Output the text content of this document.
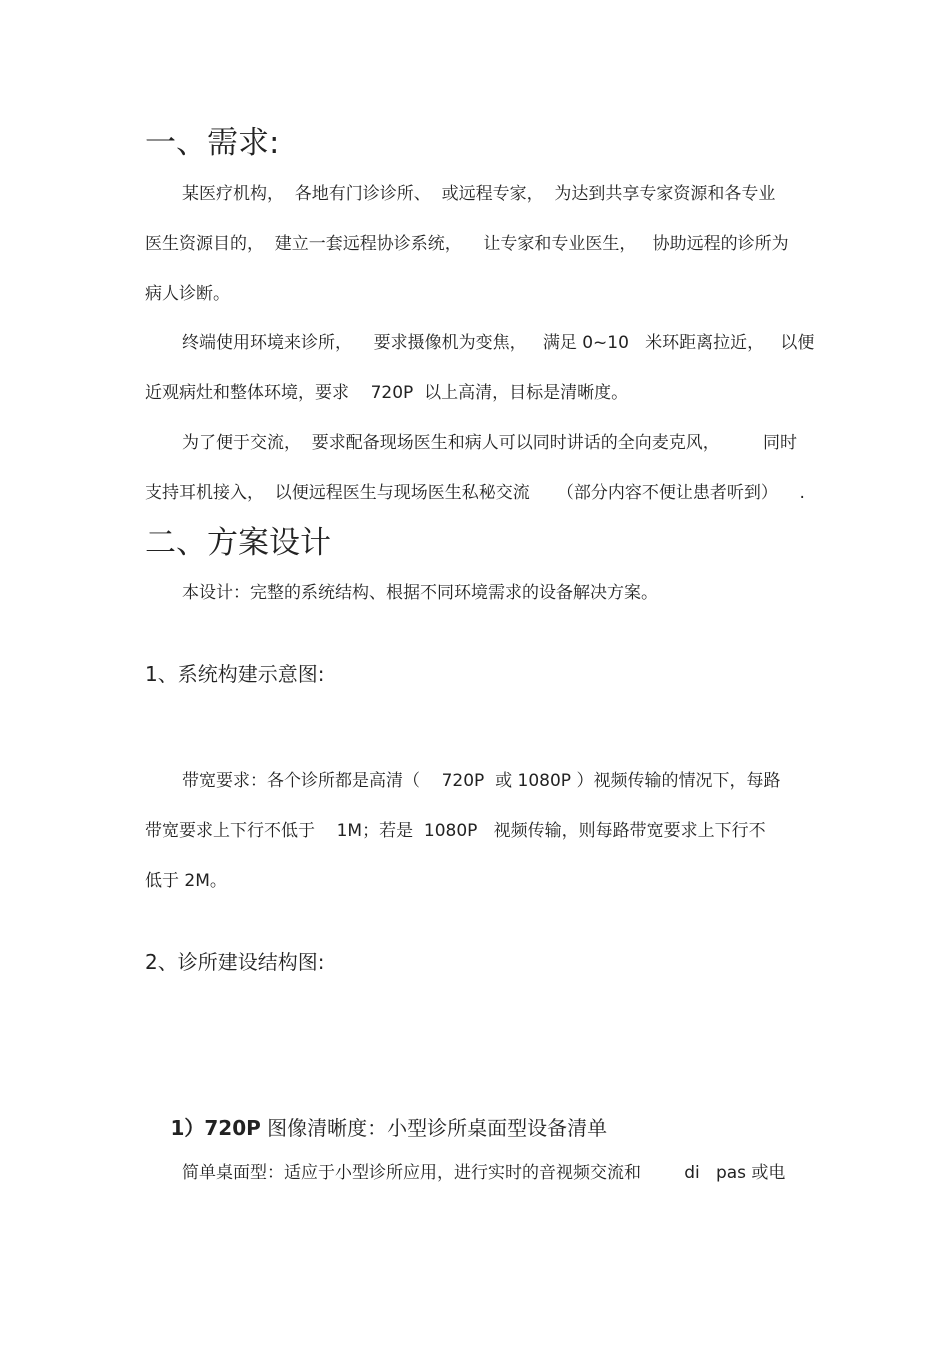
一、需求:
某医疗机构，  各地有门诊诊所、  或远程专家，  为达到共享专家资源和各专业
医生资源目的，  建立一套远程协诊系统，    让专家和专业医生，   协助远程的诊所为
病人诊断。
终端使用环境来诊所，    要求摄像机为变焦，   满足 0~10   米环距离拉近，   以便
近观病灶和整体环境，要求    720P  以上高清，目标是清晰度。
为了便于交流，  要求配备现场医生和病人可以同时讲话的全向麦克风，        同时
支持耳机接入，  以便远程医生与现场医生私秘交流     （部分内容不便让患者听到）    .
二、方案设计
本设计：完整的系统结构、根据不同环境需求的设备解决方案。
1、系统构建示意图:
带宽要求：各个诊所都是高清（    720P  或 1080P ）视频传输的情况下，每路
带宽要求上下行不低于    1M；若是  1080P   视频传输，则每路带宽要求上下行不
低于 2M。
2、诊所建设结构图:

1）720P 图像清晰度：小型诊所桌面型设备清单

简单桌面型：适应于小型诊所应用，进行实时的音视频交流和        di   pas 或电
